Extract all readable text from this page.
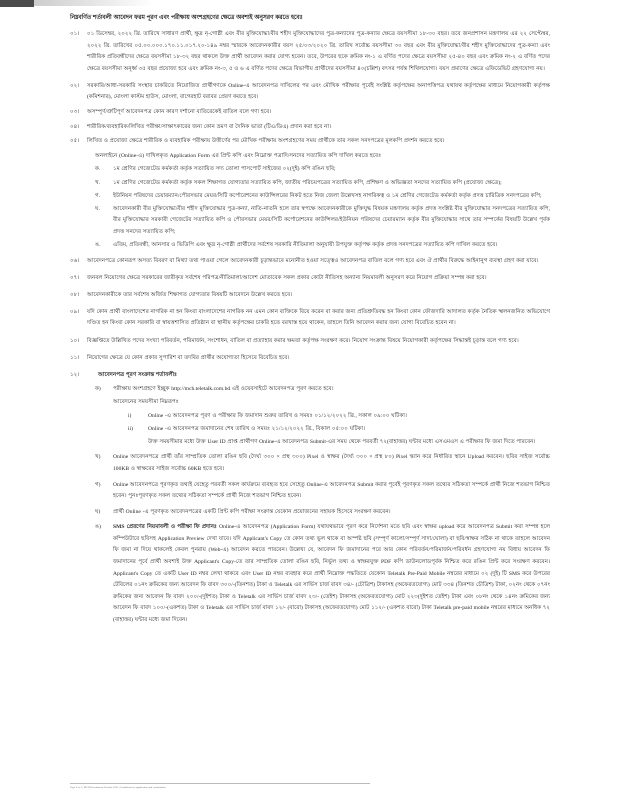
নিম্নবর্ণিত শর্তাবলী আবেদন ফরম পূরণ এবং পরীক্ষায় অংশগ্রহণের ক্ষেত্রে অবশ্যই অনুসরণ করতে হবেঃ
০১।	০১ ডিসেম্বর, ২০২২ খ্রি. তারিখে সাধারণ প্রার্থী, ক্ষুদ্র নৃ-গোষ্ঠী এবং বীর মুক্তিযোদ্ধা/বীর শহীদ মুক্তিযোদ্ধাদের পুত্র-কন্যাদের পুত্র-কন্যার ক্ষেত্রে বয়সসীমা ১৮-৩০ বছর। তবে জনপ্রশাসন মন্ত্রণালয় এর ২২ সেপ্টেম্বর, ২০২২ খ্রি. তারিখের ০৫.০০.০০০.১৭০.১১.০১৭.২০-১৪৯ নম্বর স্মারকে আবেদনকারীর বয়স ২৫/০৩/২০২০ খ্রি. তারিখ সর্বোচ্চ বয়সসীমা ৩০ বছর এবং বীর মুক্তিযোদ্ধা/বীর শহীদ মুক্তিযোদ্ধাদের পুত্র-কন্যা এবং শারীরিক প্রতিবন্ধীদের ক্ষেত্রে বয়সসীমা ১৮-৩২ বছর থাকলে উক্ত প্রার্থী আবেদন করার যোগ্য হবেন। তবে, উপরের ছকে ক্রমিক নং-১ এ বর্ণিত পদের ক্ষেত্রে বয়সসীমা ২৫-৪০ বছর এবং ক্রমিক নং-২ এ বর্ণিত পদের ক্ষেত্রে বয়সসীমা অনূর্ধ্ব ৩৫ বছর প্রযোজ্য হবে এবং ক্রমিক নং-৩, ৫ ও ৬ এ বর্ণিত পদের ক্ষেত্রে বিভাগীয় প্রার্থীদের বয়সসীমা ৪০(চল্লিশ) বৎসর পর্যন্ত শিথিলযোগ্য। বয়স প্রমাণের ক্ষেত্রে এফিডেভিট গ্রহণযোগ্য নয়।
০২।	সরকারি/আধা-সরকারি সংস্থার চাকরিতে নিয়োজিত প্রার্থীগণকে Online-এ আবেদনপত্র দাখিলের পর এবং মৌখিক পরীক্ষার পূর্বেই সংশ্লিষ্ট কর্তৃপক্ষের অনাপত্তিপত্র যথাযথ কর্তৃপক্ষের মাধ্যমে নিয়োগকারী কর্তৃপক্ষ (কমিশনার), মোংলা কাস্টম হাউস, মোংলা, বাগেরহাট বরাবর প্রেরণ করতে হবে।
০৩।	অসম্পূর্ণ/ত্রুটিপূর্ণ আবেদনপত্র কোন কারণ দর্শানো ব্যতিরেকেই বাতিল বলে গণ্য হবে।
০৪।	শারীরিক/ব্যবহারিক/লিখিত পরীক্ষা/সাক্ষাৎকারের জন্য কোন ভ্রমণ বা দৈনিক ভাতা (টিএ/ডিএ) প্রদান করা হবে না।
০৫।	লিখিত ও প্রযোজ্য ক্ষেত্রে শারীরিক ও ব্যবহারিক পরীক্ষায় উত্তীর্ণের পর মৌখিক পরীক্ষায় অংশগ্রহণের সময় প্রার্থীকে তার সকল সনদপত্রের মূলকপি প্রদর্শন করতে হবে।
অনলাইনে (Online-এ) দাখিলকৃত Application Form এর প্রিন্ট কপি এবং নিম্নোক্ত পত্রাদি/সনদের সত্যায়িত কপি দাখিল করতে হবেঃ
ক.	১ম শ্রেণির গেজেটেড কর্মকর্তা কর্তৃক সত্যায়িত সদ্য তোলা পাসপোর্ট সাইজের ০২(দুই) কপি রঙিন ছবি;
খ.	১ম শ্রেণির গেজেটেড কর্মকর্তা কর্তৃক সকল শিক্ষাগত যোগ্যতার সত্যায়িত কপি, জাতীয় পরিচয়পত্রের সত্যায়িত কপি, প্রশিক্ষণ ও অভিজ্ঞতা সনদের সত্যায়িত কপি (প্রযোজ্য ক্ষেত্রে);
গ.	ইউনিয়ন পরিষদের চেয়ারম্যান/পৌরসভার মেয়র/সিটি কর্পোরেশনের কাউন্সিলরের নিকট হতে নিজ জেলা উল্লেখসহ নাগরিকত্ব ও ১ম শ্রেণির গেজেটেড কর্মকর্তা কর্তৃক প্রদত্ত চারিত্রিক সনদপত্রের কপি;
ঘ.	আবেদনকারী বীর মুক্তিযোদ্ধা/বীর শহীদ মুক্তিযোদ্ধার পুত্র-কন্যা, নাতি-নাতনি হলে তার স্বপক্ষে আবেদনকারীকে মুক্তিযুদ্ধ বিষয়ক মন্ত্রণালয় কর্তৃক প্রদত্ত সংশ্লিষ্ট বীর মুক্তিযোদ্ধার সনদপত্রের সত্যায়িত কপি, বীর মুক্তিযোদ্ধার সরকারী গেজেটের সত্যায়িত কপি ও পৌরসভার মেয়র/সিটি কর্পোরেশনের কাউন্সিলর/ইউনিয়ন পরিষদের চেয়ারম্যান কর্তৃক বীর মুক্তিযোদ্ধার সাথে তার সম্পর্কের বিষয়টি উল্লেখ পূর্বক প্রদত্ত সনদের সত্যায়িত কপি;
ঙ.	এতিম, প্রতিবন্ধী, আনসার ও ভিডিপি এবং ক্ষুদ্র নৃ-গোষ্ঠী প্রার্থীদের সর্বশেষ সরকারি নীতিমালা অনুযায়ী উপযুক্ত কর্তৃপক্ষ কর্তৃক প্রদত্ত সনদপত্রের সত্যায়িত কপি দাখিল করতে হবে।
০৬।	আবেদনপত্রে কোনরূপ অসত্য বিবরণ বা মিথ্যা তথ্য পাওয়া গেলে আবেদনকারী চূড়ান্তভাবে মনোনীত হওয়া সত্ত্বেও আবেদনপত্র বাতিল বলে গণ্য হবে এবং ঐ প্রার্থীর বিরুদ্ধে আইনানুগ ব্যবস্থা গ্রহণ করা যাবে।
০৭।	জনবল নিয়োগের ক্ষেত্রে সরকারের জারীকৃত সর্বশেষ পরিপত্র/নীতিমালা/আদেশ মোতাবেক সকল প্রকার কোটা নীতিসহ অন্যান্য নিয়মাবলী অনুসরণ করে নিয়োগ প্রক্রিয়া সম্পন্ন করা হবে।
০৮।	আবেদনকারীকে তার সর্বশেষ অর্জিত শিক্ষাগত যোগ্যতার বিষয়টি আবেদনে উল্লেখ করতে হবে।
০৯।	যদি কোন প্রার্থী বাংলাদেশের নাগরিক না হন কিংবা বাংলাদেশের নাগরিক নন এমন কোন ব্যক্তিকে বিয়ে করেন বা করার জন্য প্রতিশ্রুতিবদ্ধ হন কিংবা কোন ফৌজদারি আদালত কর্তৃক নৈতিক স্খলনজনিত অভিযোগে দণ্ডিত হন কিংবা কোন সরকারি বা স্বায়ত্তশাসিত প্রতিষ্ঠান বা স্থানীয় কর্তৃপক্ষের চাকরি হতে বরখাস্ত হয়ে থাকেন, তাহলে তিনি আবেদন করার জন্য যোগ্য বিবেচিত হবেন না।
১০।	বিজ্ঞপ্তিতে উল্লিখিত পদের সংখ্যা পরিবর্তন, পরিমার্জন, সংশোধন, বাতিল বা প্রত্যাহার করার ক্ষমতা কর্তৃপক্ষ সংরক্ষণ করে। নিয়োগ সংক্রান্ত বিষয়ে নিয়োগকারী কর্তৃপক্ষের সিদ্ধান্তই চূড়ান্ত বলে গণ্য হবে।
১১।	নিয়োগের ক্ষেত্রে যে কোন প্রকার সুপারিশ বা তদবির প্রার্থীর অযোগ্যতা হিসেবে বিবেচিত হবে।
১২।	আবেদনপত্র পূরণ সংক্রান্ত শর্তাবলীঃ
ক)	পরীক্ষায় অংশগ্রহণে ইচ্ছুক http://mch.teletalk.com.bd এই ওয়েবসাইটে আবেদনপত্র পূরণ করতে হবে।
আবেদনের সময়সীমা নিম্নরূপঃ
i)	Online -এ আবেদনপত্র পূরণ ও পরীক্ষার ফি জমাদান শুরুর তারিখ ও সময়ঃ ০১/১২/২০২২ খ্রি., সকাল ০৯:০০ ঘটিকা।
ii)	Online -এ আবেদনপত্র জমাদানের শেষ তারিখ ও সময়ঃ ২১/১২/২০২২ খ্রি., বিকাল ০৫:০০ ঘটিকা।
উক্ত সময়সীমার মধ্যে উক্ত User ID প্রাপ্ত প্রার্থীগণ Online-এ আবেদনপত্র Submit-এর সময় থেকে পরবর্তী ৭২(বাহাত্তর) ঘন্টার মধ্যে এসএমএস এ পরীক্ষার ফি জমা দিতে পারবেন।
খ)	Online আবেদনপত্রে প্রার্থী তাঁর সাম্প্রতিক তোলা রঙিন ছবি (দৈর্ঘ্য ৩০০ × প্রস্থ ৩০০) Pixel ও স্বাক্ষর (দৈর্ঘ্য ৩০০ × প্রস্থ ৮০) Pixel স্ক্যান করে নির্ধারিত স্থানে Upload করবেন। ছবির সাইজ সর্বোচ্চ 100KB ও স্বাক্ষরের সাইজ সর্বোচ্চ 60KB হতে হবে।
গ)	Online আবেদনপত্রে পূরণকৃত তথ্যই যেহেতু পরবর্তী সকল কার্যক্রমে ব্যবহৃত হবে সেহেতু Online-এ আবেদনপত্র Submit করার পূর্বেই পূরণকৃত সকল তথ্যের সঠিকতা সম্পর্কে প্রার্থী নিজে শতভাগ নিশ্চিত হবেন। পুনঃপূরণকৃত সকল তথ্যের সঠিকতা সম্পর্কে প্রার্থী নিজে শতভাগ নিশ্চিত হবেন।
ঘ)	প্রার্থী Online -এ পূরণকৃত আবেদনপত্রের একটি প্রিন্ট কপি পরীক্ষা সংক্রান্ত যেকোন প্রয়োজনের সহায়ক হিসেবে সংরক্ষণ করবেন।
ঙ)	SMS প্রেরণের নিয়মাবলী ও পরীক্ষা ফি প্রদানঃ Online-এ আবেদনপত্র (Application Form) যথাযথভাবে পূরণ করে নির্দেশনা মতে ছবি এবং স্বাক্ষর upload করে আবেদনপত্র Submit করা সম্পন্ন হলে কম্পিউটারে ছবিসহ Application Preview দেখা যাবে। যদি Applicant's Copy তে কোন তথ্য ভুল থাকে বা অস্পষ্ট ছবি (সম্পূর্ণ কালো/সম্পূর্ণ সাদা/ঘোলা) বা ছবি/স্বাক্ষর সঠিক না থাকে তাহলে আবেদন ফি জমা না দিয়ে থাকলেই কেবল পুনরায় (Web-এ) আবেদন করতে পারবেন। উল্লেখ্য যে, আবেদন ফি জমাদানের পরে আর কোন পরিবর্তন/পরিমার্জন/পরিবর্ধন গ্রহণযোগ্য নয় বিধায় আবেদন ফি জমাদানের পূর্বে প্রার্থী অবশ্যই উক্ত Applicant's Copy-তে তার সাম্প্রতিক তোলা রঙিন ছবি, নির্ভুল তথ্য ও স্বাক্ষরযুক্ত PDF কপি ডাউনলোডপূর্বক নিশ্চিত করে রঙিন প্রিন্ট করে সংরক্ষণ করবেন। Applicant's Copy তে একটি User ID নম্বর লেখা থাকবে এবং User ID নম্বর ব্যবহার করে প্রার্থী নিম্নোক্ত পদ্ধতিতে যেকোন Teletalk Pre-Paid Mobile নম্বরের মাধ্যমে ০২ (দুই) টি SMS করে উপরের টেবিলের ০১নং ক্রমিকের জন্য আবেদন ফি বাবদ ৩০০/-(তিনশত) টাকা ও Teletalk এর সার্ভিস চার্জ বাবদ ৩৪/- (চৌত্রিশ) টাকাসহ (অফেরতযোগ্য) মোট ৩৩৪ (তিনশত চৌত্রিশ) টাকা, ০২নং থেকে ০৭নং ক্রমিকের জন্য আবেদন ফি বাবদ ২০০/-(দুইশত) টাকা ও Teletalk এর সার্ভিস চার্জ বাবদ ২৩/- (তেইশ) টাকাসহ (অফেরতযোগ্য) মোট ২২৩(দুইশত তেইশ) টাকা এবং ০৮নং থেকে ১৪নং ক্রমিকের জন্য আবেদন ফি বাবদ ১০০/-(একশত) টাকা ও Teletalk এর সার্ভিস চার্জ বাবদ ১২/- (বারো) টাকাসহ (অফেরতযোগ্য) মোট ১১২/- (একশত বারো) টাকা Teletalk pre-paid mobile নম্বরের মাধ্যমে অনধিক ৭২ (বাহাত্তর) ঘন্টার মধ্যে জমা দিবেন।
Page 2 of 3 | MCH Recruitment Circular 2022 | Conditions for application and examination
